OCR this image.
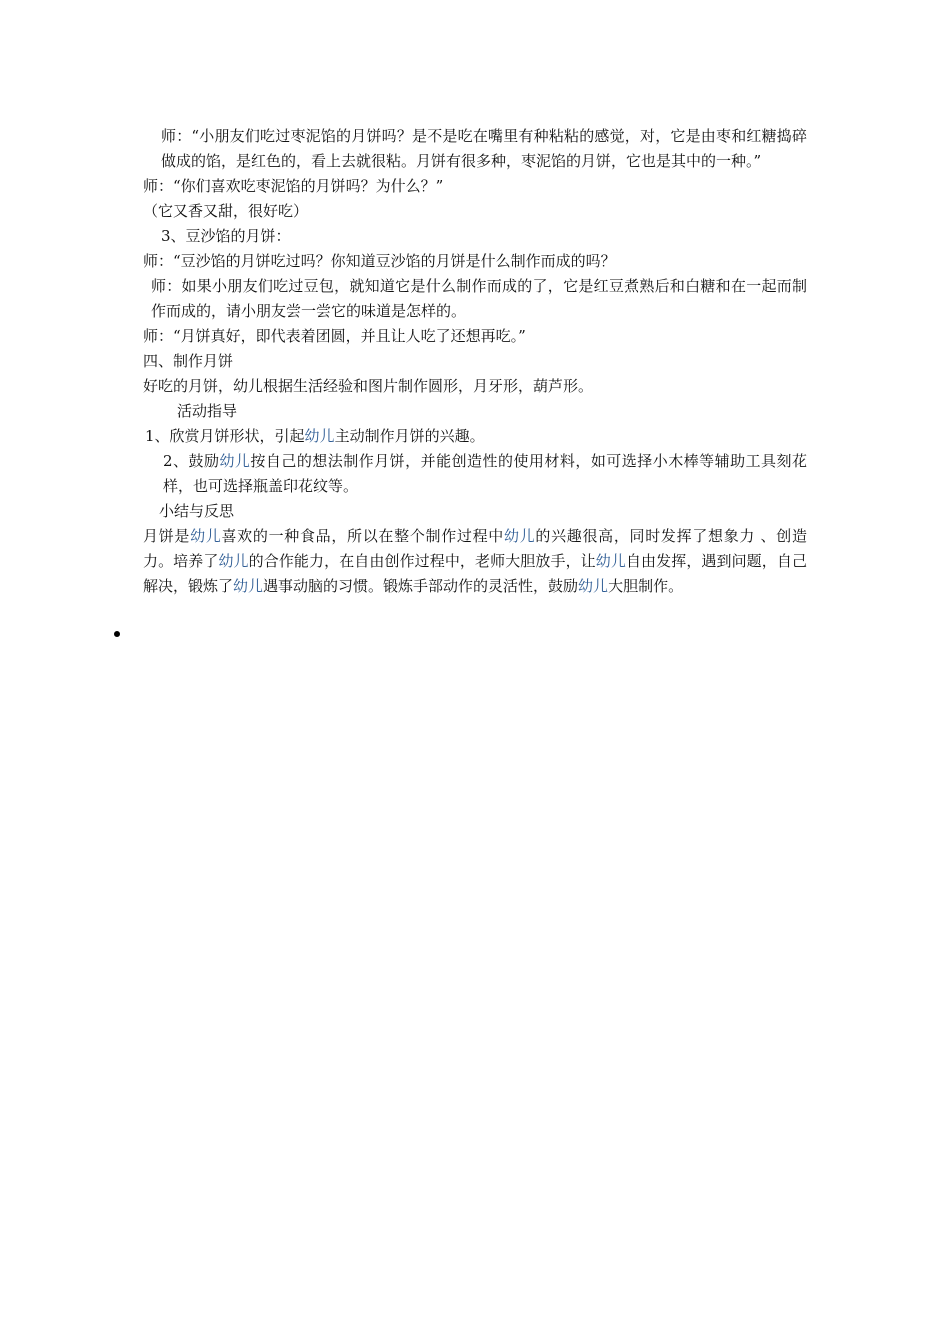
师：“小朋友们吃过枣泥馅的月饼吗？是不是吃在嘴里有种粘粘的感觉，对，它是由枣和红糖捣碎做成的馅，是红色的，看上去就很粘。月饼有很多种，枣泥馅的月饼，它也是其中的一种。”

师：“你们喜欢吃枣泥馅的月饼吗？为什么？”

（它又香又甜，很好吃）

3、豆沙馅的月饼：

师：“豆沙馅的月饼吃过吗？你知道豆沙馅的月饼是什么制作而成的吗？

师：如果小朋友们吃过豆包，就知道它是什么制作而成的了，它是红豆煮熟后和白糖和在一起而制作而成的，请小朋友尝一尝它的味道是怎样的。

师：“月饼真好，即代表着团圆，并且让人吃了还想再吃。”

四、制作月饼

好吃的月饼，幼儿根据生活经验和图片制作圆形，月牙形，葫芦形。

活动指导

1、欣赏月饼形状，引起幼儿主动制作月饼的兴趣。

2、鼓励幼儿按自己的想法制作月饼，并能创造性的使用材料，如可选择小木棒等辅助工具刻花样，也可选择瓶盖印花纹等。

小结与反思

月饼是幼儿喜欢的一种食品，所以在整个制作过程中幼儿的兴趣很高，同时发挥了想象力 、创造力。培养了幼儿的合作能力，在自由创作过程中，老师大胆放手，让幼儿自由发挥，遇到问题，自己解决，锻炼了幼儿遇事动脑的习惯。锻炼手部动作的灵活性，鼓励幼儿大胆制作。
